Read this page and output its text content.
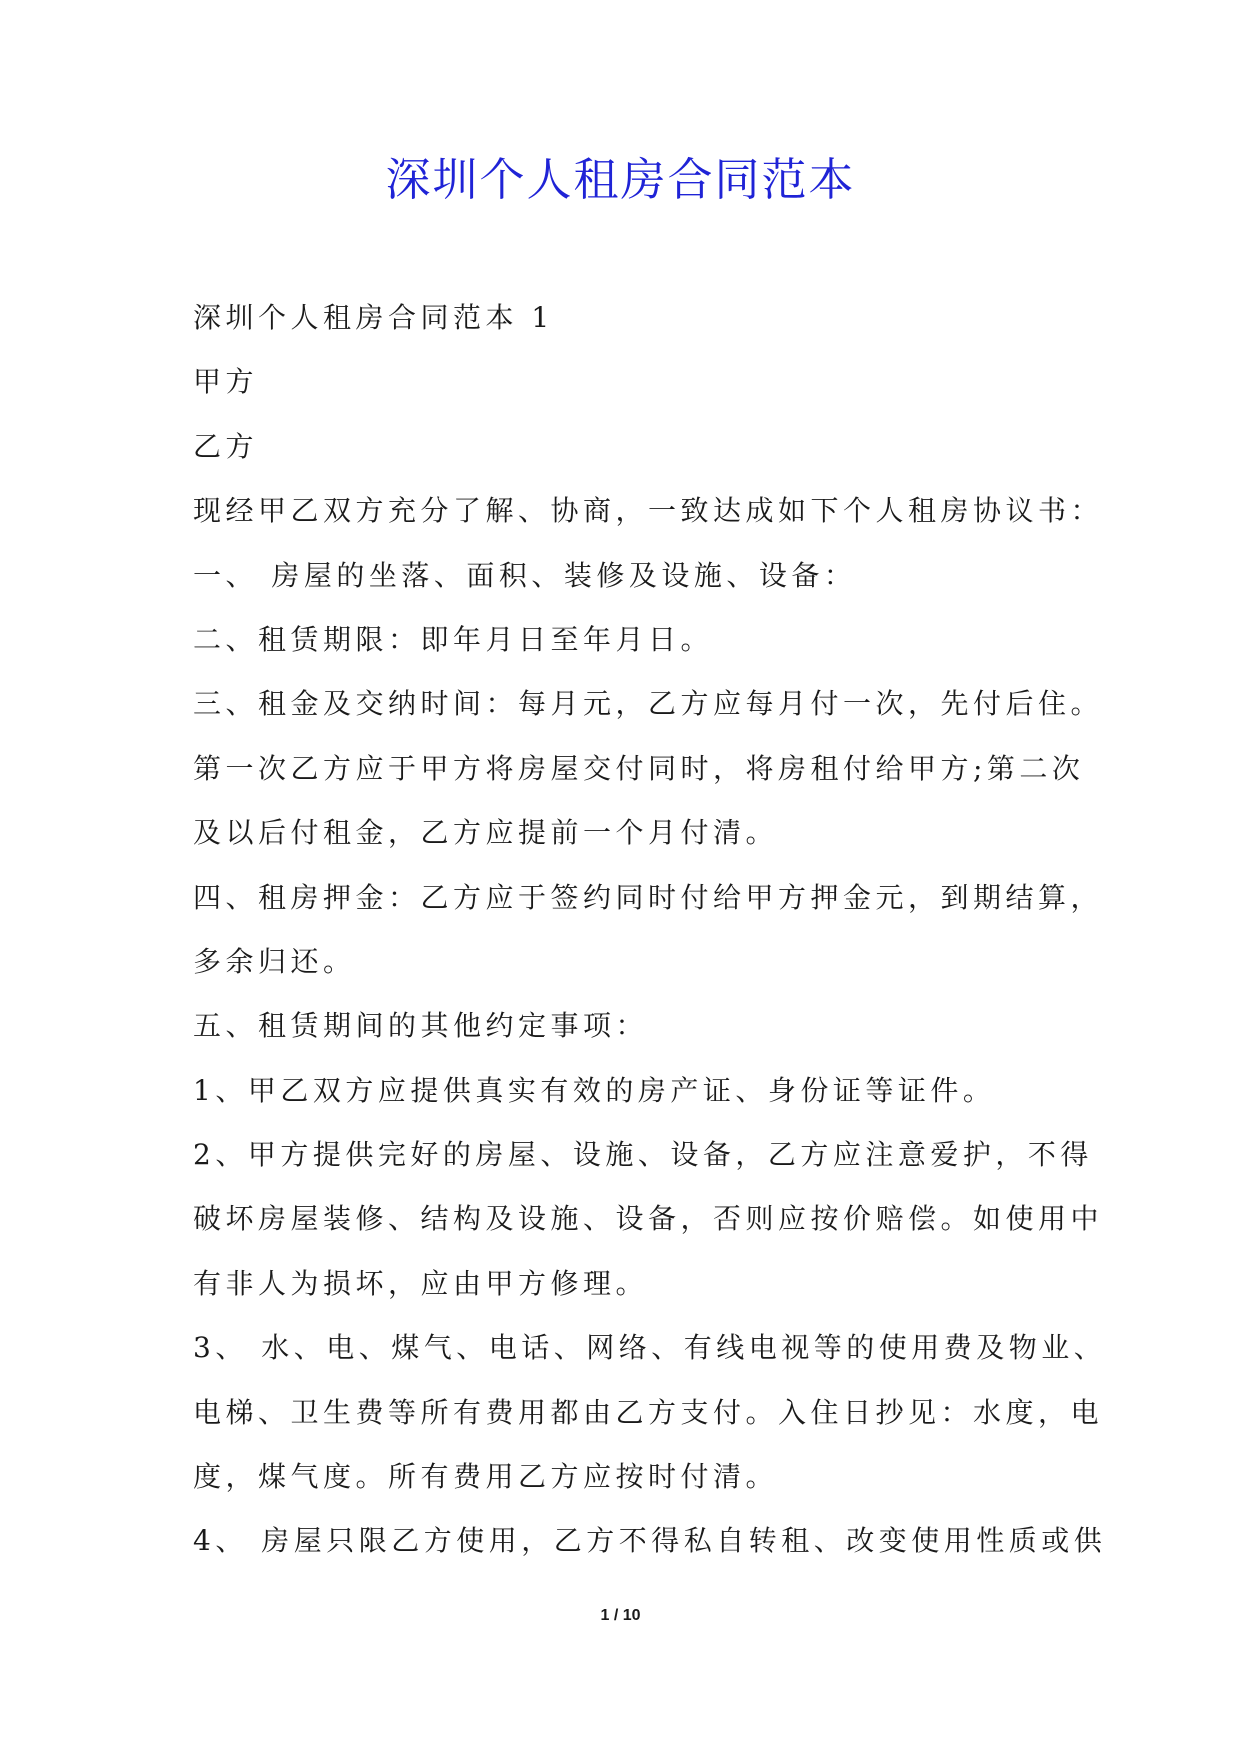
深圳个人租房合同范本

深圳个人租房合同范本 1

甲方

乙方

现经甲乙双方充分了解、协商，一致达成如下个人租房协议书：

一、 房屋的坐落、面积、装修及设施、设备：

二、租赁期限：即年月日至年月日。

三、租金及交纳时间：每月元，乙方应每月付一次，先付后住。

第一次乙方应于甲方将房屋交付同时，将房租付给甲方;第二次

及以后付租金，乙方应提前一个月付清。

四、租房押金：乙方应于签约同时付给甲方押金元，到期结算，

多余归还。

五、租赁期间的其他约定事项：

1、甲乙双方应提供真实有效的房产证、身份证等证件。

2、甲方提供完好的房屋、设施、设备，乙方应注意爱护，不得

破坏房屋装修、结构及设施、设备，否则应按价赔偿。如使用中

有非人为损坏，应由甲方修理。

3、 水、电、煤气、电话、网络、有线电视等的使用费及物业、

电梯、卫生费等所有费用都由乙方支付。入住日抄见：水度，电

度，煤气度。所有费用乙方应按时付清。

4、 房屋只限乙方使用，乙方不得私自转租、改变使用性质或供

1 / 10
